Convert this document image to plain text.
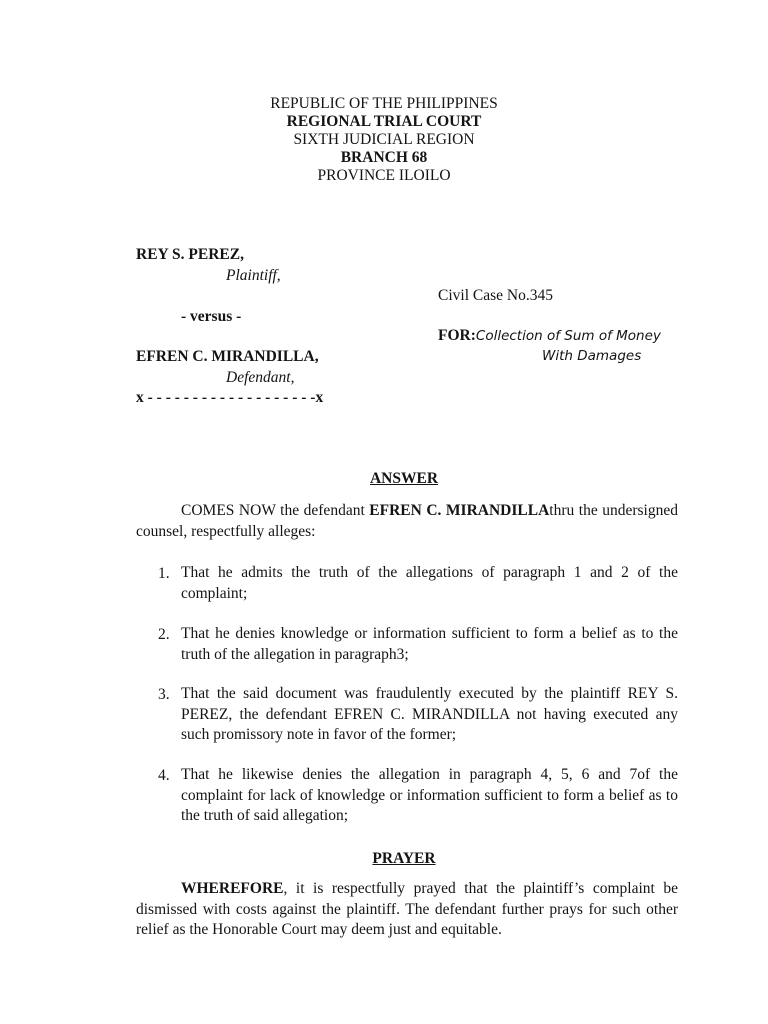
REPUBLIC OF THE PHILIPPINES
REGIONAL TRIAL COURT
SIXTH JUDICIAL REGION
BRANCH 68
PROVINCE ILOILO
REY S. PEREZ,
Plaintiff,
Civil Case No.345
- versus -
FOR:Collection of Sum of Money
With Damages
EFREN C. MIRANDILLA,
Defendant,
x - - - - - - - - - - - - - - - - - - -x
ANSWER
COMES NOW the defendant EFREN C. MIRANDILLAthru the undersigned counsel, respectfully alleges:
1. That he admits the truth of the allegations of paragraph 1 and 2 of the complaint;
2. That he denies knowledge or information sufficient to form a belief as to the truth of the allegation in paragraph3;
3. That the said document was fraudulently executed by the plaintiff REY S. PEREZ, the defendant EFREN C. MIRANDILLA not having executed any such promissory note in favor of the former;
4. That he likewise denies the allegation in paragraph 4, 5, 6 and 7of the complaint for lack of knowledge or information sufficient to form a belief as to the truth of said allegation;
PRAYER
WHEREFORE, it is respectfully prayed that the plaintiff’s complaint be dismissed with costs against the plaintiff. The defendant further prays for such other relief as the Honorable Court may deem just and equitable.
